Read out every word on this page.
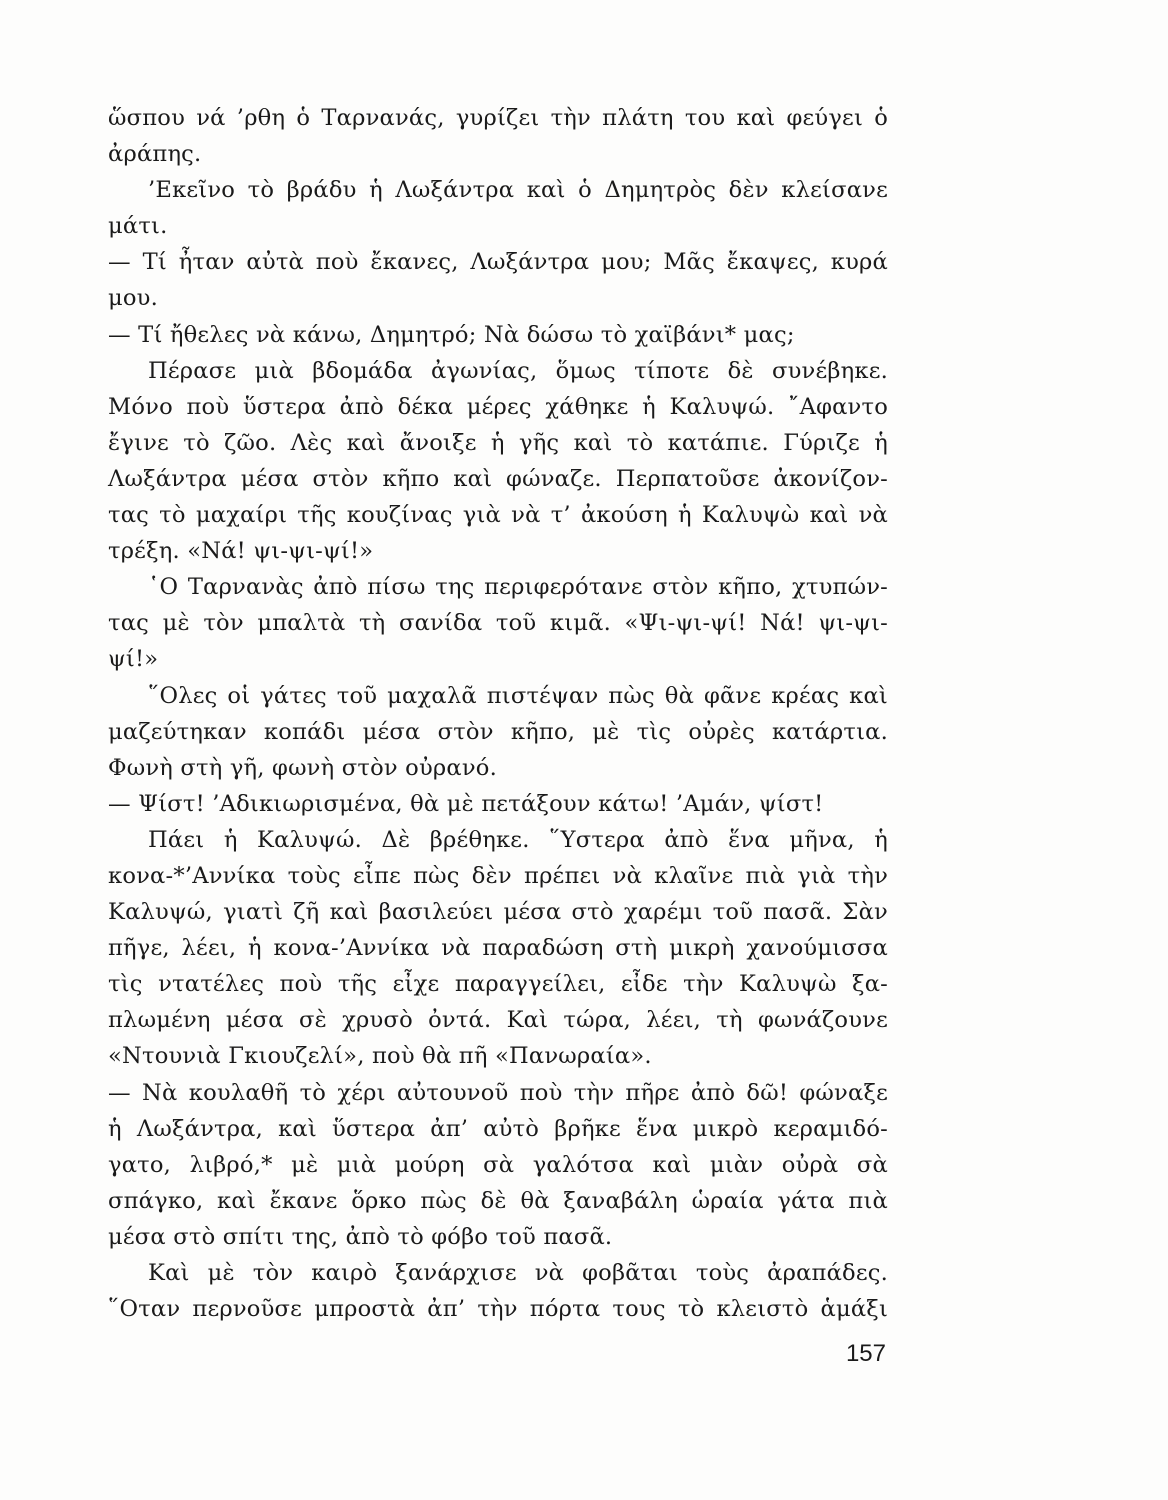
ὥσπου νά ’ρθη ὁ Ταρνανάς, γυρίζει τὴν πλάτη του καὶ φεύγει ὁ
ἀράπης.
’Εκεῖνο τὸ βράδυ ἡ Λωξάντρα καὶ ὁ Δημητρὸς δὲν κλείσανε
μάτι.
— Τί ἦταν αὐτὰ ποὺ ἔκανες, Λωξάντρα μου; Μᾶς ἔκαψες, κυρά
μου.
— Τί ἤθελες νὰ κάνω, Δημητρό; Νὰ δώσω τὸ χαϊβάνι* μας;
Πέρασε μιὰ βδομάδα ἀγωνίας, ὅμως τίποτε δὲ συνέβηκε.
Μόνο ποὺ ὕστερα ἀπὸ δέκα μέρες χάθηκε ἡ Καλυψώ. ῎Αφαντο
ἔγινε τὸ ζῶο. Λὲς καὶ ἄνοιξε ἡ γῆς καὶ τὸ κατάπιε. Γύριζε ἡ
Λωξάντρα μέσα στὸν κῆπο καὶ φώναζε. Περπατοῦσε ἀκονίζον-
τας τὸ μαχαίρι τῆς κουζίνας γιὰ νὰ τ’ ἀκούση ἡ Καλυψὼ καὶ νὰ
τρέξη. «Νά! ψι-ψι-ψί!»
῾Ο Ταρνανὰς ἀπὸ πίσω της περιφερότανε στὸν κῆπο, χτυπών-
τας μὲ τὸν μπαλτὰ τὴ σανίδα τοῦ κιμᾶ. «Ψι-ψι-ψί! Νά! ψι-ψι-
ψί!»
῞Ολες οἱ γάτες τοῦ μαχαλᾶ πιστέψαν πὼς θὰ φᾶνε κρέας καὶ
μαζεύτηκαν κοπάδι μέσα στὸν κῆπο, μὲ τὶς οὐρὲς κατάρτια.
Φωνὴ στὴ γῆ, φωνὴ στὸν οὐρανό.
— Ψίστ! ’Αδικιωρισμένα, θὰ μὲ πετάξουν κάτω! ’Αμάν, ψίστ!
Πάει ἡ Καλυψώ. Δὲ βρέθηκε. ῞Υστερα ἀπὸ ἕνα μῆνα, ἡ
κονα-*’Αννίκα τοὺς εἶπε πὼς δὲν πρέπει νὰ κλαῖνε πιὰ γιὰ τὴν
Καλυψώ, γιατὶ ζῆ καὶ βασιλεύει μέσα στὸ χαρέμι τοῦ πασᾶ. Σὰν
πῆγε, λέει, ἡ κονα-’Αννίκα νὰ παραδώση στὴ μικρὴ χανούμισσα
τὶς ντατέλες ποὺ τῆς εἶχε παραγγείλει, εἶδε τὴν Καλυψὼ ξα-
πλωμένη μέσα σὲ χρυσὸ ὀντά. Καὶ τώρα, λέει, τὴ φωνάζουνε
«Ντουνιὰ Γκιουζελί», ποὺ θὰ πῆ «Πανωραία».
— Νὰ κουλαθῆ τὸ χέρι αὐτουνοῦ ποὺ τὴν πῆρε ἀπὸ δῶ! φώναξε
ἡ Λωξάντρα, καὶ ὕστερα ἀπ’ αὐτὸ βρῆκε ἕνα μικρὸ κεραμιδό-
γατο, λιβρό,* μὲ μιὰ μούρη σὰ γαλότσα καὶ μιὰν οὐρὰ σὰ
σπάγκο, καὶ ἔκανε ὅρκο πὼς δὲ θὰ ξαναβάλη ὡραία γάτα πιὰ
μέσα στὸ σπίτι της, ἀπὸ τὸ φόβο τοῦ πασᾶ.
Καὶ μὲ τὸν καιρὸ ξανάρχισε νὰ φοβᾶται τοὺς ἀραπάδες.
῞Οταν περνοῦσε μπροστὰ ἀπ’ τὴν πόρτα τους τὸ κλειστὸ ἁμάξι
157
